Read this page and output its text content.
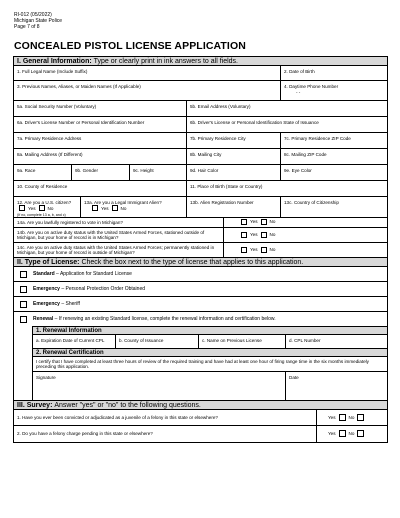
RI-012 (05/2022)
Michigan State Police
Page 7 of 8
CONCEALED PISTOL LICENSE APPLICATION
I. General Information:
Type or clearly print in ink answers to all fields.
1. Full Legal Name (Include Suffix)	2. Date of Birth
3. Previous Names, Aliases, or Maiden Names (If Applicable)	4. Daytime Phone Number
- -
5a. Social Security Number (Voluntary)	5b. Email Address (Voluntary)
6a. Driver's License Number or Personal Identification Number	6b. Driver's License or Personal Identification State of Issuance
7a. Primary Residence Address	7b. Primary Residence City	7c. Primary Residence ZIP Code
8a. Mailing Address (If Different)	8b. Mailing City	8c. Mailing ZIP Code
9a. Race	9b. Gender	9c. Height	9d. Hair Color	9e. Eye Color
10. County of Residence	11. Place of Birth (State or Country)
12. Are you a U.S. citizen?
Yes	No
(If no, complete 13 a, b, and c)
13a. Are you a Legal Immigrant Alien?
Yes	No
13b. Alien Registration Number	13c. Country of Citizenship
14a. Are you lawfully registered to vote in Michigan?	Yes	No
14b. Are you on active duty status with the United States Armed Forces, stationed outside of Michigan, but your home of record is in Michigan?
Yes	No
14c. Are you on active duty status with the United States Armed Forces; permanently stationed in Michigan, but your home of record is outside of Michigan?
Yes	No
II. Type of License:
Check the box next to the type of license that applies to this application.
Standard – Application for Standard License
Emergency – Personal Protection Order Obtained
Emergency – Sheriff
Renewal – If renewing an existing Standard license, complete the renewal information and certification below.
1. Renewal Information
a. Expiration Date of Current CPL	b. County of Issuance	c. Name on Previous License	d. CPL Number
2. Renewal Certification
I certify that I have completed at least three hours of review of the required training and have had at least one hour of firing range time in the six months immediately preceding this application.
Signature	Date
III. Survey:
Answer "yes" or "no" to the following questions.
1. Have you ever been convicted or adjudicated as a juvenile of a felony in this state or elsewhere?	Yes	No
2. Do you have a felony charge pending in this state or elsewhere?	Yes	No
